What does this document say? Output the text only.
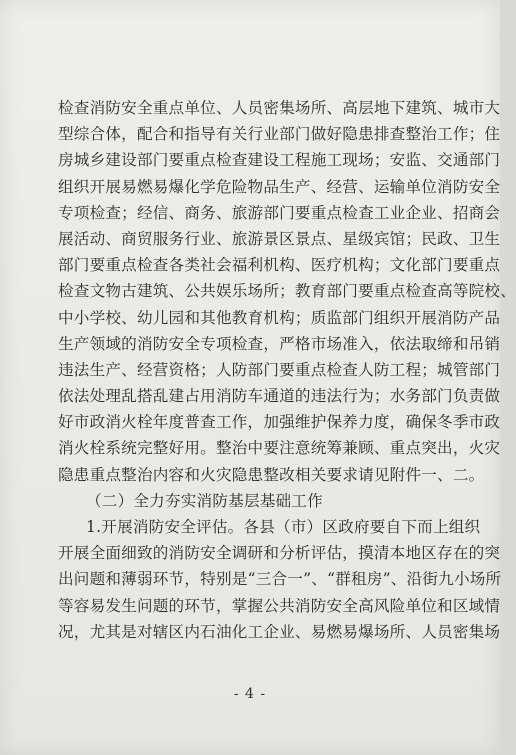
检查消防安全重点单位、人员密集场所、高层地下建筑、城市大
型综合体，配合和指导有关行业部门做好隐患排查整治工作；住
房城乡建设部门要重点检查建设工程施工现场；安监、交通部门
组织开展易燃易爆化学危险物品生产、经营、运输单位消防安全
专项检查；经信、商务、旅游部门要重点检查工业企业、招商会
展活动、商贸服务行业、旅游景区景点、星级宾馆；民政、卫生
部门要重点检查各类社会福利机构、医疗机构；文化部门要重点
检查文物古建筑、公共娱乐场所；教育部门要重点检查高等院校、
中小学校、幼儿园和其他教育机构；质监部门组织开展消防产品
生产领域的消防安全专项检查，严格市场准入，依法取缔和吊销
违法生产、经营资格；人防部门要重点检查人防工程；城管部门
依法处理乱搭乱建占用消防车通道的违法行为；水务部门负责做
好市政消火栓年度普查工作，加强维护保养力度，确保冬季市政
消火栓系统完整好用。整治中要注意统筹兼顾、重点突出，火灾
隐患重点整治内容和火灾隐患整改相关要求请见附件一、二。
（二）全力夯实消防基层基础工作
1.开展消防安全评估。各县（市）区政府要自下而上组织
开展全面细致的消防安全调研和分析评估，摸清本地区存在的突
出问题和薄弱环节，特别是“三合一”、“群租房”、沿街九小场所
等容易发生问题的环节，掌握公共消防安全高风险单位和区域情
况，尤其是对辖区内石油化工企业、易燃易爆场所、人员密集场
- 4 -
